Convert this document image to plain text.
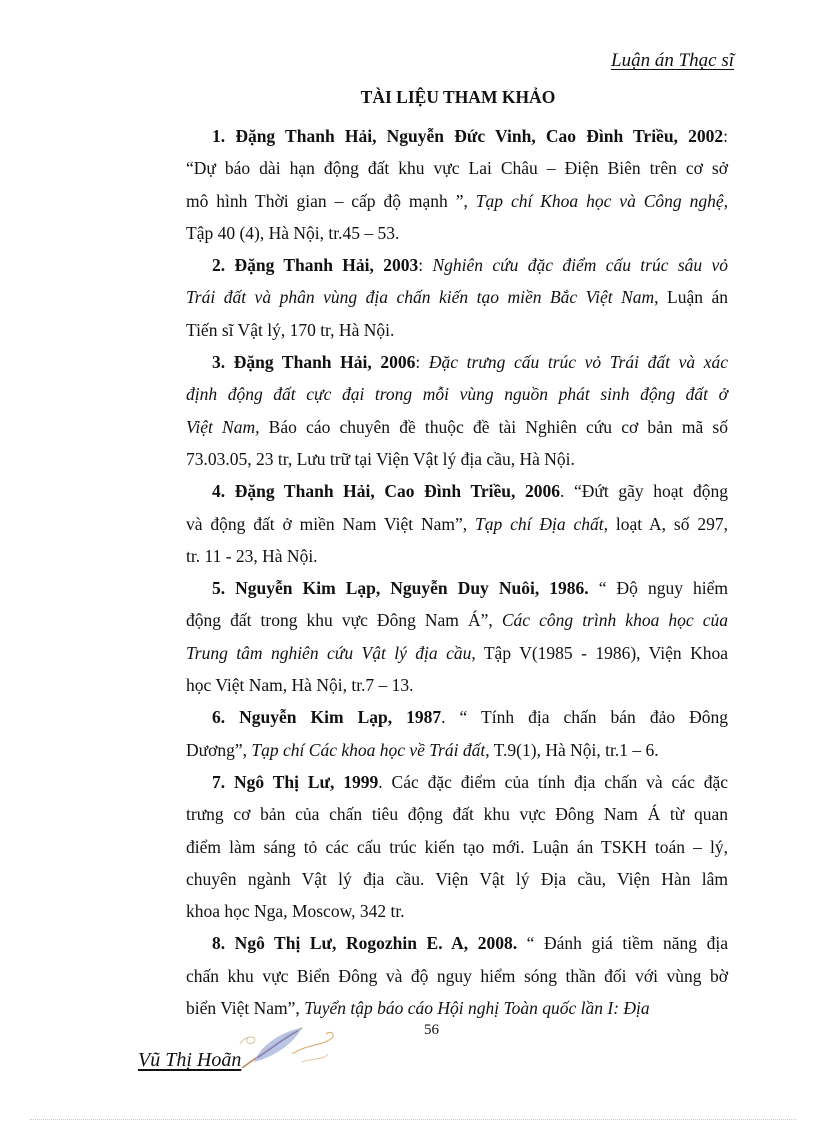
Luận án Thạc sĩ
TÀI LIỆU THAM KHẢO
1. Đặng Thanh Hải, Nguyễn Đức Vinh, Cao Đình Triều, 2002:
“Dự báo dài hạn động đất khu vực Lai Châu – Điện Biên trên cơ sở
mô hình Thời gian – cấp độ mạnh ”, Tạp chí Khoa học và Công nghệ,
Tập 40 (4), Hà Nội, tr.45 – 53.
2. Đặng Thanh Hải, 2003: Nghiên cứu đặc điểm cấu trúc sâu vỏ
Trái đất và phân vùng địa chấn kiến tạo miền Bắc Việt Nam, Luận án
Tiến sĩ Vật lý, 170 tr, Hà Nội.
3. Đặng Thanh Hải, 2006: Đặc trưng cấu trúc vỏ Trái đất và xác
định động đất cực đại trong mỗi vùng nguồn phát sinh động đất ở
Việt Nam, Báo cáo chuyên đề thuộc đề tài Nghiên cứu cơ bản mã số
73.03.05, 23 tr, Lưu trữ tại Viện Vật lý địa cầu, Hà Nội.
4. Đặng Thanh Hải, Cao Đình Triều, 2006. “Đứt gãy hoạt động
và động đất ở miền Nam Việt Nam”, Tạp chí Địa chất, loạt A, số 297,
tr. 11 - 23, Hà Nội.
5. Nguyễn Kim Lạp, Nguyễn Duy Nuôi, 1986. “ Độ nguy hiểm
động đất trong khu vực Đông Nam Á”, Các công trình khoa học của
Trung tâm nghiên cứu Vật lý địa cầu, Tập V(1985 - 1986), Viện Khoa
học Việt Nam, Hà Nội, tr.7 – 13.
6. Nguyễn Kim Lạp, 1987. “ Tính địa chấn bán đảo Đông
Dương”, Tạp chí Các khoa học về Trái đất, T.9(1), Hà Nội, tr.1 – 6.
7. Ngô Thị Lư, 1999. Các đặc điểm của tính địa chấn và các đặc
trưng cơ bản của chấn tiêu động đất khu vực Đông Nam Á từ quan
điểm làm sáng tỏ các cấu trúc kiến tạo mới. Luận án TSKH toán – lý,
chuyên ngành Vật lý địa cầu. Viện Vật lý Địa cầu, Viện Hàn lâm
khoa học Nga, Moscow, 342 tr.
8. Ngô Thị Lư, Rogozhin E. A, 2008. “ Đánh giá tiềm năng địa
chấn khu vực Biển Đông và độ nguy hiểm sóng thần đối với vùng bờ
biển Việt Nam”, Tuyển tập báo cáo Hội nghị Toàn quốc lần I: Địa
56
Vũ Thị Hoãn
